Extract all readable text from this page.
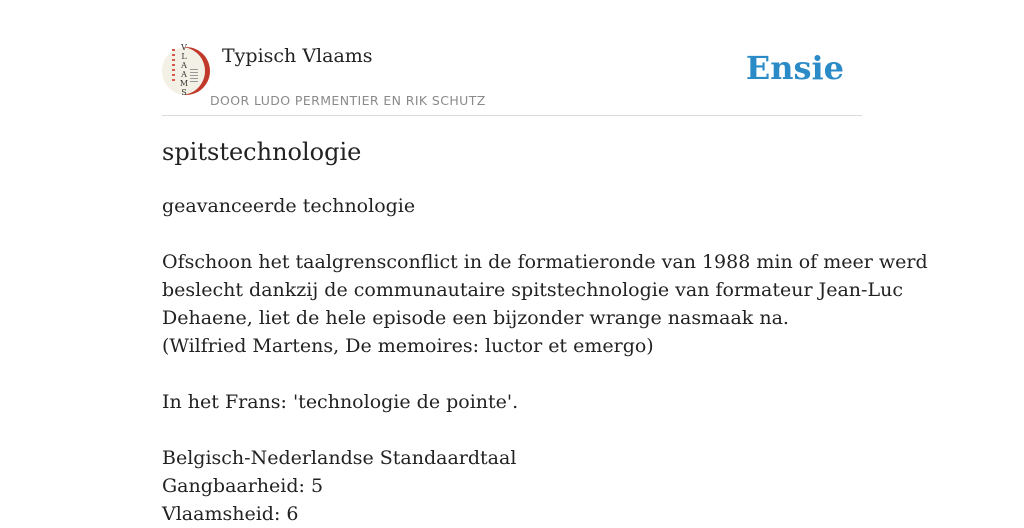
V
L
A
A
M
S
Typisch Vlaams
DOOR LUDO PERMENTIER EN RIK SCHUTZ
Ensie
spitstechnologie
geavanceerde technologie
Ofschoon het taalgrensconflict in de formatieronde van 1988 min of meer werd
beslecht dankzij de communautaire spitstechnologie van formateur Jean-Luc
Dehaene, liet de hele episode een bijzonder wrange nasmaak na.
(Wilfried Martens, De memoires: luctor et emergo)
In het Frans: 'technologie de pointe'.
Belgisch-Nederlandse Standaardtaal
Gangbaarheid: 5
Vlaamsheid: 6
